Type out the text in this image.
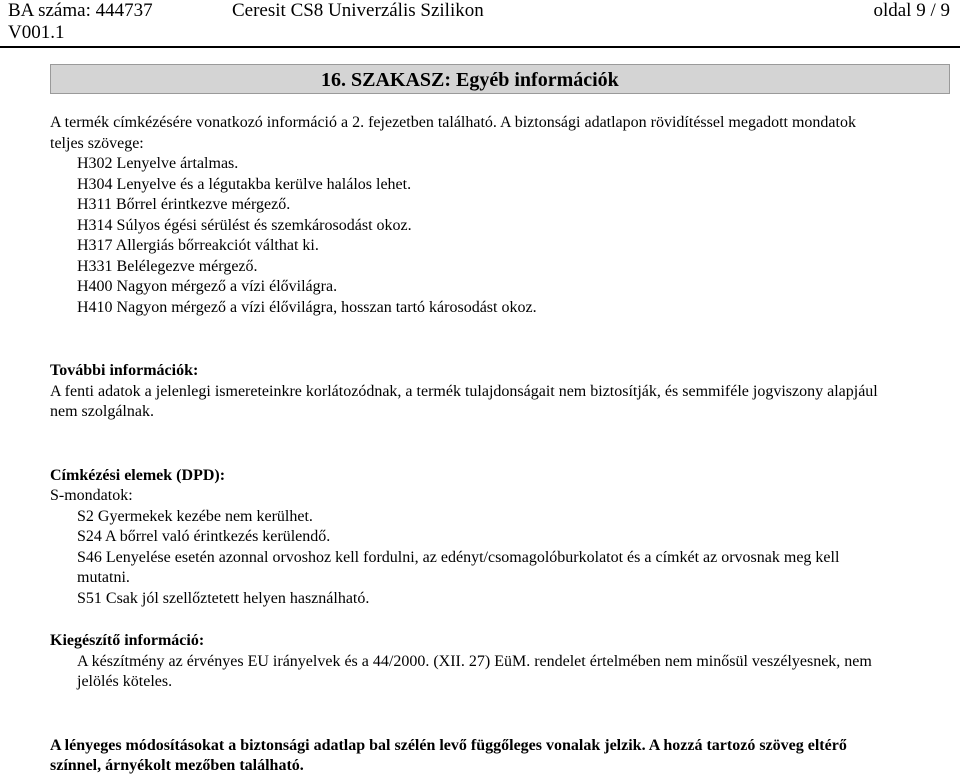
BA száma: 444737	Ceresit CS8 Univerzális Szilikon	oldal 9 / 9
V001.1
16. SZAKASZ: Egyéb információk

A termék címkézésére vonatkozó információ a 2. fejezetben található. A biztonsági adatlapon rövidítéssel megadott mondatok

teljes szövege:

H302 Lenyelve ártalmas.

H304 Lenyelve és a légutakba kerülve halálos lehet.

H311 Bőrrel érintkezve mérgező.

H314 Súlyos égési sérülést és szemkárosodást okoz.

H317 Allergiás bőrreakciót válthat ki.

H331 Belélegezve mérgező.

H400 Nagyon mérgező a vízi élővilágra.

H410 Nagyon mérgező a vízi élővilágra, hosszan tartó károsodást okoz.

További információk:

A fenti adatok a jelenlegi ismereteinkre korlátozódnak, a termék tulajdonságait nem biztosítják, és semmiféle jogviszony alapjául

nem szolgálnak.

Címkézési elemek (DPD):

S-mondatok:

S2 Gyermekek kezébe nem kerülhet.

S24 A bőrrel való érintkezés kerülendő.

S46 Lenyelése esetén azonnal orvoshoz kell fordulni, az edényt/csomagolóburkolatot és a címkét az orvosnak meg kell

mutatni.

S51 Csak jól szellőztetett helyen használható.

Kiegészítő információ:

A készítmény az érvényes EU irányelvek és a 44/2000. (XII. 27) EüM. rendelet értelmében nem minősül veszélyesnek, nem

jelölés köteles.

A lényeges módosításokat a biztonsági adatlap bal szélén levő függőleges vonalak jelzik. A hozzá tartozó szöveg eltérő

színnel, árnyékolt mezőben található.
